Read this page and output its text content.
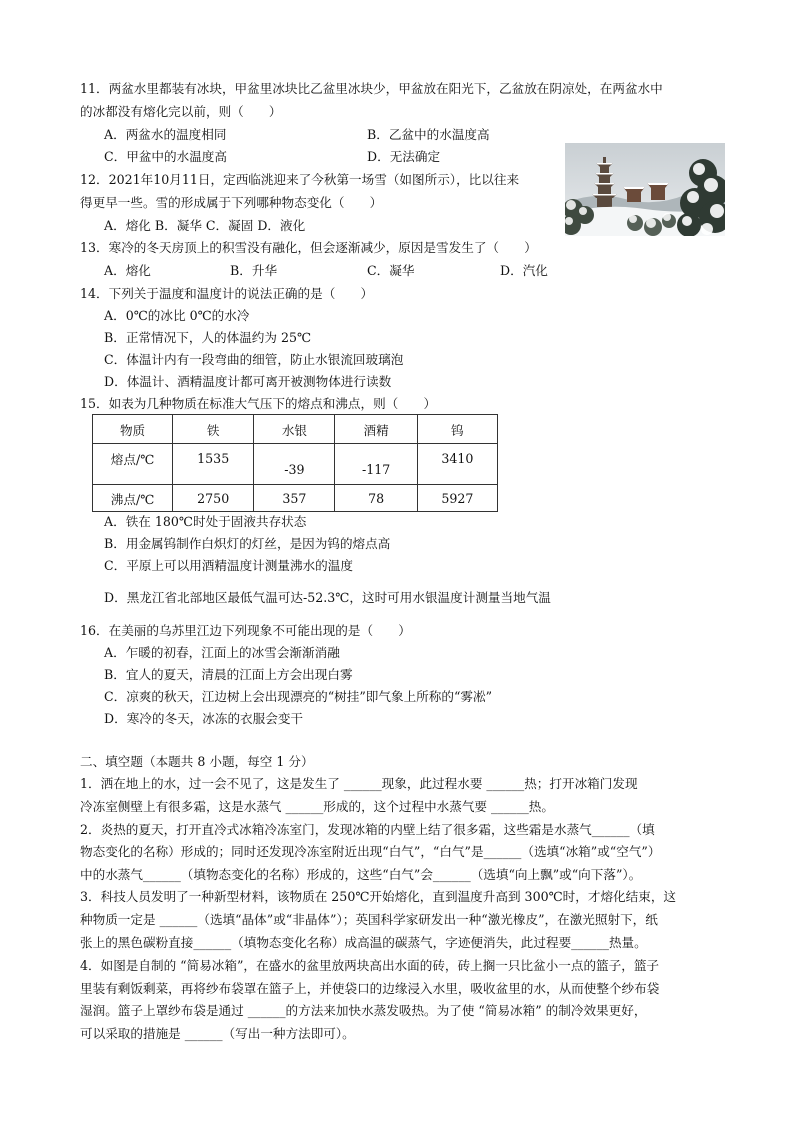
11．两盆水里都装有冰块，甲盆里冰块比乙盆里冰块少，甲盆放在阳光下，乙盆放在阴凉处，在两盆水中
的冰都没有熔化完以前，则（　　）
A．两盆水的温度相同	B．乙盆中的水温度高
C．甲盆中的水温度高	D．无法确定
12．2021年10月11日，定西临洮迎来了今秋第一场雪（如图所示），比以往来
得更早一些。雪的形成属于下列哪种物态变化（　　）
A．熔化 B．凝华 C．凝固 D．液化
13．寒冷的冬天房顶上的积雪没有融化，但会逐渐减少，原因是雪发生了（　　）
A．熔化	B．升华	C．凝华	D．汽化
14．下列关于温度和温度计的说法正确的是（　　）
A．0℃的冰比 0℃的水冷
B．正常情况下，人的体温约为 25℃
C．体温计内有一段弯曲的细管，防止水银流回玻璃泡
D．体温计、酒精温度计都可离开被测物体进行读数
15．如表为几种物质在标准大气压下的熔点和沸点，则（　　）
物质	铁	水银	酒精	钨
熔点/℃	1535	-39	-117	3410
沸点/℃	2750	357	78	5927
A．铁在 180℃时处于固液共存状态
B．用金属钨制作白炽灯的灯丝，是因为钨的熔点高
C．平原上可以用酒精温度计测量沸水的温度
D．黑龙江省北部地区最低气温可达-52.3℃，这时可用水银温度计测量当地气温
16．在美丽的乌苏里江边下列现象不可能出现的是（　　）
A．乍暖的初春，江面上的冰雪会渐渐消融
B．宜人的夏天，清晨的江面上方会出现白雾
C．凉爽的秋天，江边树上会出现漂亮的“树挂”即气象上所称的“雾凇”
D．寒冷的冬天，冰冻的衣服会变干
二、填空题（本题共 8 小题，每空 1 分）
1．洒在地上的水，过一会不见了，这是发生了 ______现象，此过程水要 ______热；打开冰箱门发现
冷冻室侧壁上有很多霜，这是水蒸气 ______形成的，这个过程中水蒸气要 ______热。
2．炎热的夏天，打开直冷式冰箱冷冻室门，发现冰箱的内壁上结了很多霜，这些霜是水蒸气______（填
物态变化的名称）形成的；同时还发现冷冻室附近出现“白气”，“白气”是______（选填“冰箱”或“空气”）
中的水蒸气______（填物态变化的名称）形成的，这些“白气”会______（选填“向上飘”或“向下落”）。
3．科技人员发明了一种新型材料，该物质在 250℃开始熔化，直到温度升高到 300℃时，才熔化结束，这
种物质一定是 ______（选填“晶体”或“非晶体”）；英国科学家研发出一种“激光橡皮”，在激光照射下，纸
张上的黑色碳粉直接______（填物态变化名称）成高温的碳蒸气，字迹便消失，此过程要______热量。
4．如图是自制的 “简易冰箱”，在盛水的盆里放两块高出水面的砖，砖上搁一只比盆小一点的篮子，篮子
里装有剩饭剩菜，再将纱布袋罩在篮子上，并使袋口的边缘浸入水里，吸收盆里的水，从而使整个纱布袋
湿润。篮子上罩纱布袋是通过 ______的方法来加快水蒸发吸热。为了使 “简易冰箱” 的制冷效果更好，
可以采取的措施是 ______（写出一种方法即可）。
